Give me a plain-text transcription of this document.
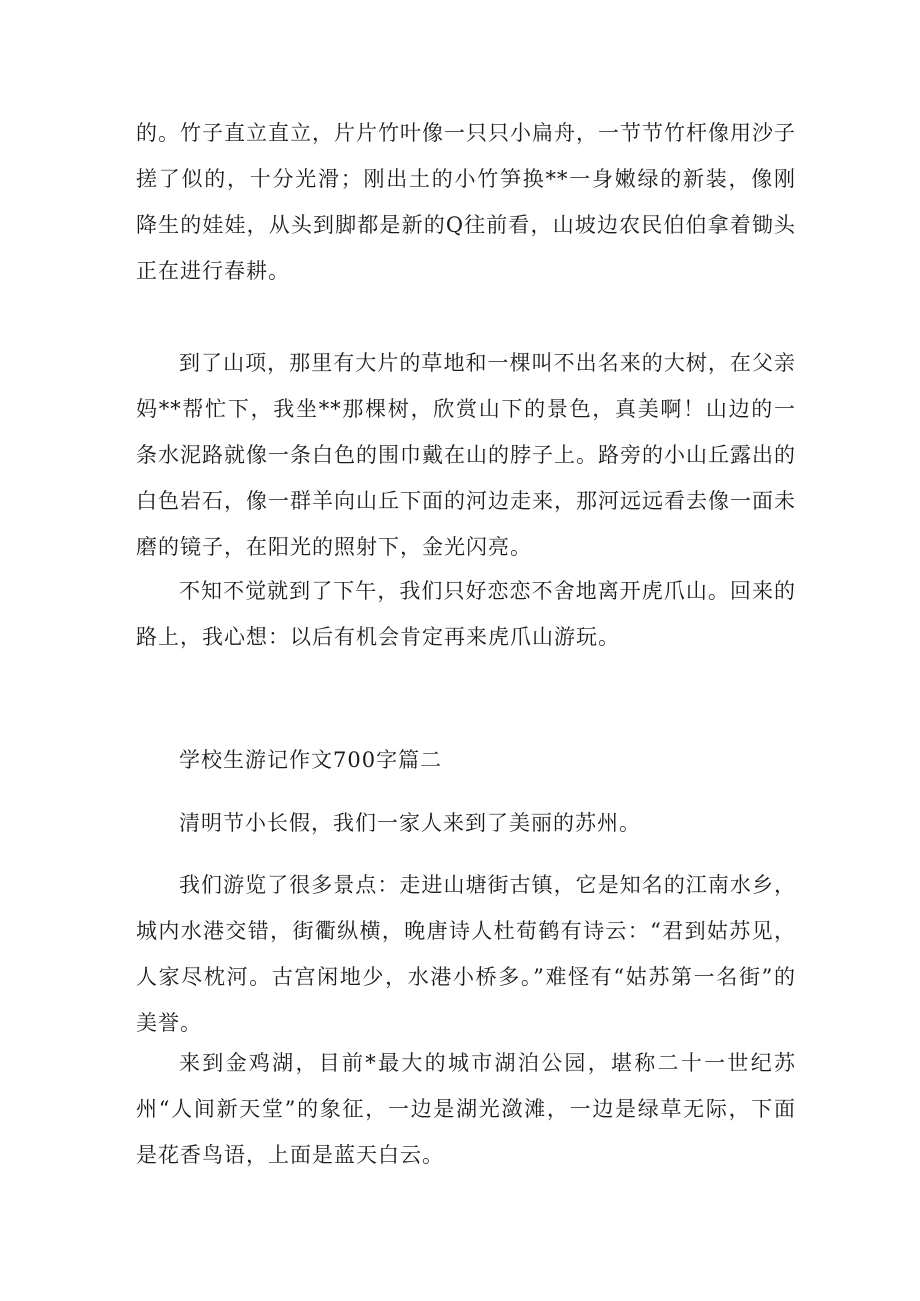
的。竹子直立直立，片片竹叶像一只只小扁舟，一节节竹杆像用沙子搓了似的，十分光滑；刚出土的小竹笋换**一身嫩绿的新装，像刚降生的娃娃，从头到脚都是新的Q往前看，山坡边农民伯伯拿着锄头正在进行春耕。

到了山项，那里有大片的草地和一棵叫不出名来的大树，在父亲妈**帮忙下，我坐**那棵树，欣赏山下的景色，真美啊！山边的一条水泥路就像一条白色的围巾戴在山的脖子上。路旁的小山丘露出的白色岩石，像一群羊向山丘下面的河边走来，那河远远看去像一面未磨的镜子，在阳光的照射下，金光闪亮。

不知不觉就到了下午，我们只好恋恋不舍地离开虎爪山。回来的路上，我心想：以后有机会肯定再来虎爪山游玩。

学校生游记作文700字篇二

清明节小长假，我们一家人来到了美丽的苏州。

我们游览了很多景点：走进山塘街古镇，它是知名的江南水乡，城内水港交错，街衢纵横，晚唐诗人杜荀鹤有诗云：“君到姑苏见，人家尽枕河。古宫闲地少，水港小桥多。”难怪有“姑苏第一名街”的美誉。

来到金鸡湖，目前*最大的城市湖泊公园，堪称二十一世纪苏州“人间新天堂”的象征，一边是湖光潋滩，一边是绿草无际，下面是花香鸟语，上面是蓝天白云。
